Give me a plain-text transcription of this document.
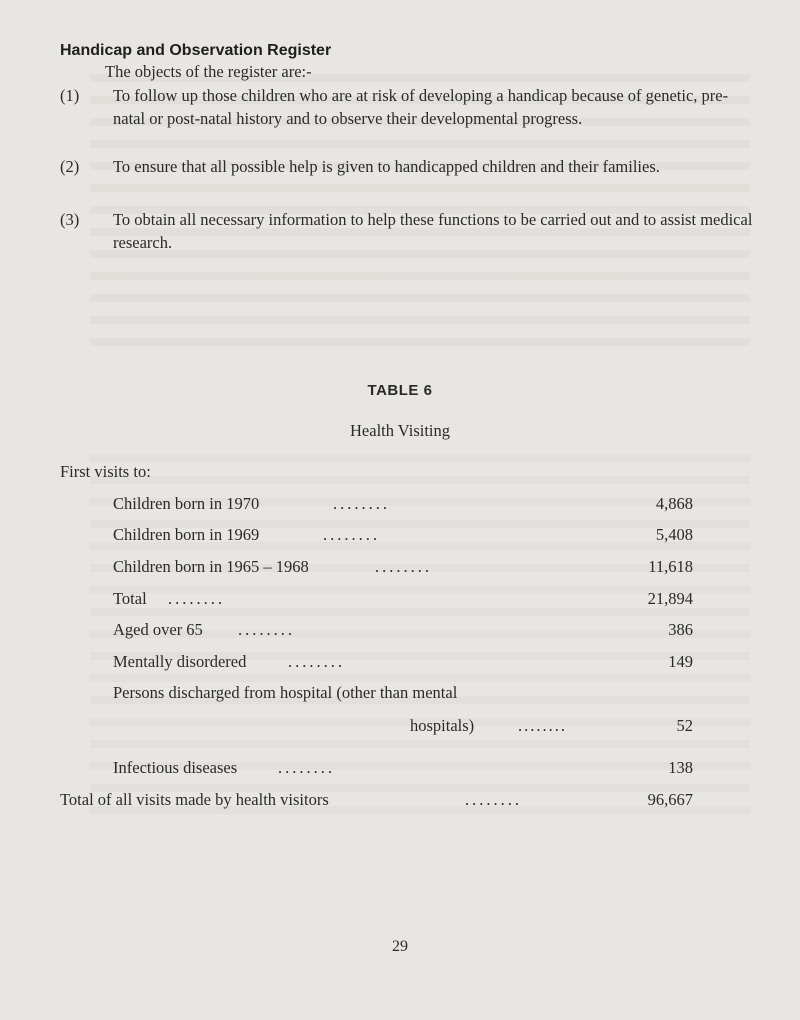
Handicap and Observation Register
The objects of the register are:-
(1) To follow up those children who are at risk of developing a handicap because of genetic, pre-natal or post-natal history and to observe their developmental progress.
(2) To ensure that all possible help is given to handicapped children and their families.
(3) To obtain all necessary information to help these functions to be carried out and to assist medical research.
TABLE 6
Health Visiting
First visits to:
Children born in 1970	........	4,868
Children born in 1969	........	5,408
Children born in 1965 – 1968	........	11,618
Total ........	21,894
Aged over 65 ........	386
Mentally disordered	........	149
Persons discharged from hospital (other than mental
hospitals)	........	52
Infectious diseases ........	138
Total of all visits made by health visitors	........	96,667
29
